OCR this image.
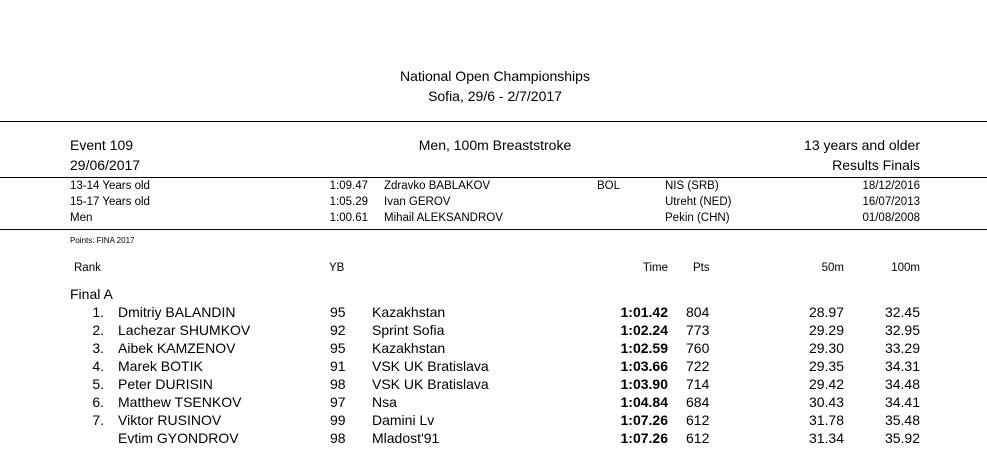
National Open Championships
Sofia, 29/6 - 2/7/2017
Event 109
29/06/2017
Men, 100m Breaststroke	13 years and older
Results Finals
13-14 Years old	1:09.47 Zdravko BABLAKOV	BOL	NIS (SRB)	18/12/2016
15-17 Years old	1:05.29 Ivan GEROV	Utreht (NED)	16/07/2013
Men	1:00.61 Mihail ALEKSANDROV	Pekin (CHN)	01/08/2008
Points: FINA 2017
Rank	YB	Time Pts	50m	100m
Final A
1. Dmitriy BALANDIN	95 Kazakhstan	1:01.42 804	28.97	32.45
2. Lachezar SHUMKOV	92 Sprint Sofia	1:02.24 773	29.29	32.95
3. Aibek KAMZENOV	95 Kazakhstan	1:02.59 760	29.30	33.29
4. Marek BOTIK	91 VSK UK Bratislava	1:03.66 722	29.35	34.31
5. Peter DURISIN	98 VSK UK Bratislava	1:03.90 714	29.42	34.48
6. Matthew TSENKOV	97 Nsa	1:04.84 684	30.43	34.41
7. Viktor RUSINOV	99 Damini Lv	1:07.26 612	31.78	35.48
Evtim GYONDROV	98 Mladost'91	1:07.26 612	31.34	35.92
